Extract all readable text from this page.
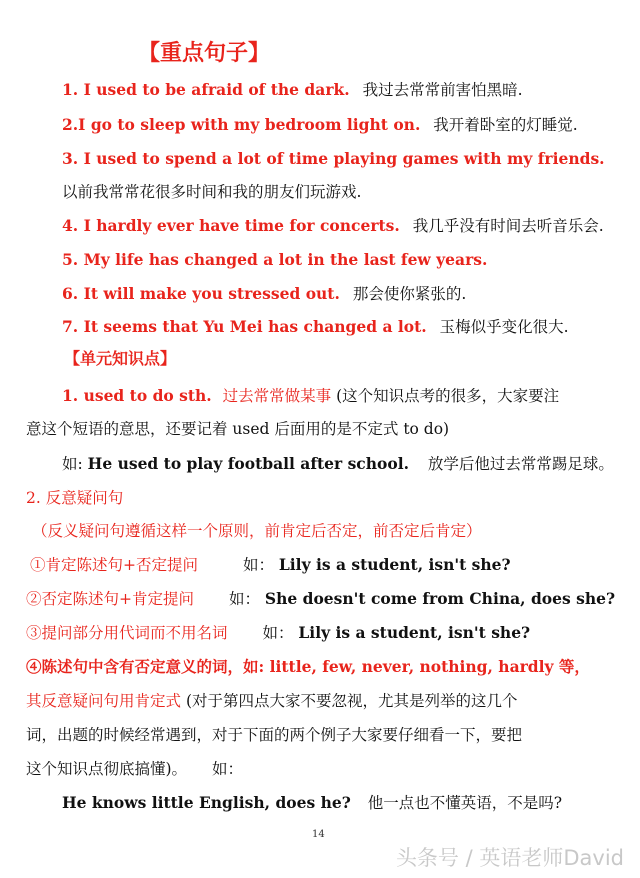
【重点句子】
1. I used to be afraid of the dark. 我过去常常前害怕黑暗.
2.I go to sleep with my bedroom light on. 我开着卧室的灯睡觉.
3. I used to spend a lot of time playing games with my friends.
以前我常常花很多时间和我的朋友们玩游戏.
4. I hardly ever have time for concerts. 我几乎没有时间去听音乐会.
5. My life has changed a lot in the last few years.
6. It will make you stressed out. 那会使你紧张的.
7. It seems that Yu Mei has changed a lot. 玉梅似乎变化很大.
【单元知识点】
1. used to do sth. 过去常常做某事 (这个知识点考的很多，大家要注
意这个短语的意思，还要记着 used 后面用的是不定式 to do)
如: He used to play football after school. 放学后他过去常常踢足球。
2. 反意疑问句
（反义疑问句遵循这样一个原则，前肯定后否定，前否定后肯定）
①肯定陈述句+否定提问	如： Lily is a student, isn't she?
②否定陈述句+肯定提问 如： She doesn't come from China, does she?
③提问部分用代词而不用名词 如： Lily is a student, isn't she?
④陈述句中含有否定意义的词，如: little, few, never, nothing, hardly 等，
其反意疑问句用肯定式 (对于第四点大家不要忽视，尤其是列举的这几个
词，出题的时候经常遇到，对于下面的两个例子大家要仔细看一下，要把
这个知识点彻底搞懂)。 如：
He knows little English, does he? 他一点也不懂英语，不是吗?
14
头条号 / 英语老师David
